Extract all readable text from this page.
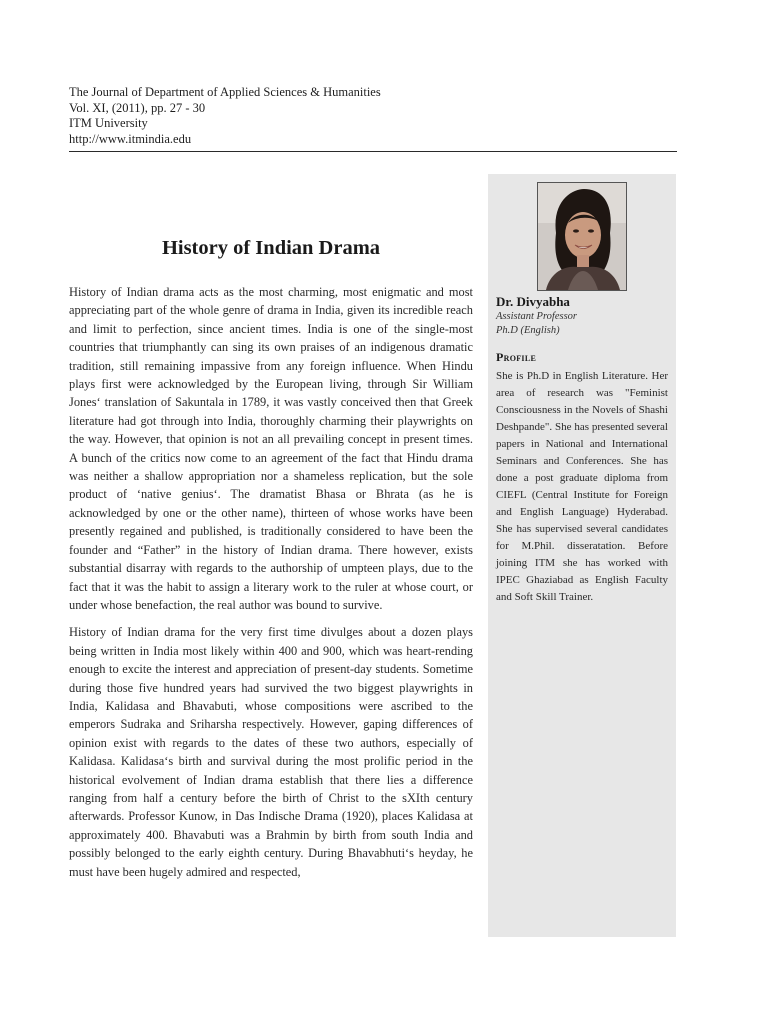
The Journal of Department of Applied Sciences & Humanities
Vol. XI, (2011), pp. 27 - 30
ITM University
http://www.itmindia.edu
History of Indian Drama

History of Indian drama acts as the most charming, most enigmatic and most appreciating part of the whole genre of drama in India, given its incredible reach and limit to perfection, since ancient times. India is one of the single-most countries that triumphantly can sing its own praises of an indigenous dramatic tradition, still remaining impassive from any foreign influence. When Hindu plays first were acknowledged by the European living, through Sir William Jones‘ translation of Sakuntala in 1789, it was vastly conceived then that Greek literature had got through into India, thoroughly charming their playwrights on the way. However, that opinion is not an all prevailing concept in present times. A bunch of the critics now come to an agreement of the fact that Hindu drama was neither a shallow appropriation nor a shameless replication, but the sole product of ‘native genius‘. The dramatist Bhasa or Bhrata (as he is acknowledged by one or the other name), thirteen of whose works have been presently regained and published, is traditionally considered to have been the founder and “Father” in the history of Indian drama. There however, exists substantial disarray with regards to the authorship of umpteen plays, due to the fact that it was the habit to assign a literary work to the ruler at whose court, or under whose benefaction, the real author was bound to survive.

History of Indian drama for the very first time divulges about a dozen plays being written in India most likely within 400 and 900, which was heart-rending enough to excite the interest and appreciation of present-day students. Sometime during those five hundred years had survived the two biggest playwrights in India, Kalidasa and Bhavabuti, whose compositions were ascribed to the emperors Sudraka and Sriharsha respectively. However, gaping differences of opinion exist with regards to the dates of these two authors, especially of Kalidasa. Kalidasa‘s birth and survival during the most prolific period in the historical evolvement of Indian drama establish that there lies a difference ranging from half a century before the birth of Christ to the sXIth century afterwards. Professor Kunow, in Das Indische Drama (1920), places Kalidasa at approximately 400. Bhavabuti was a Brahmin by birth from south India and possibly belonged to the early eighth century. During Bhavabhuti‘s heyday, he must have been hugely admired and respected,

Dr. Divyabha
Assistant Professor
Ph.D (English)
Profile

She is Ph.D in English Literature. Her area of research was "Feminist Consciousness in the Novels of Shashi Deshpande". She has presented several papers in National and International Seminars and Conferences. She has done a post graduate diploma from CIEFL (Central Institute for Foreign and English Language) Hyderabad. She has supervised several candidates for M.Phil. disseratation. Before joining ITM she has worked with IPEC Ghaziabad as English Faculty and Soft Skill Trainer.
